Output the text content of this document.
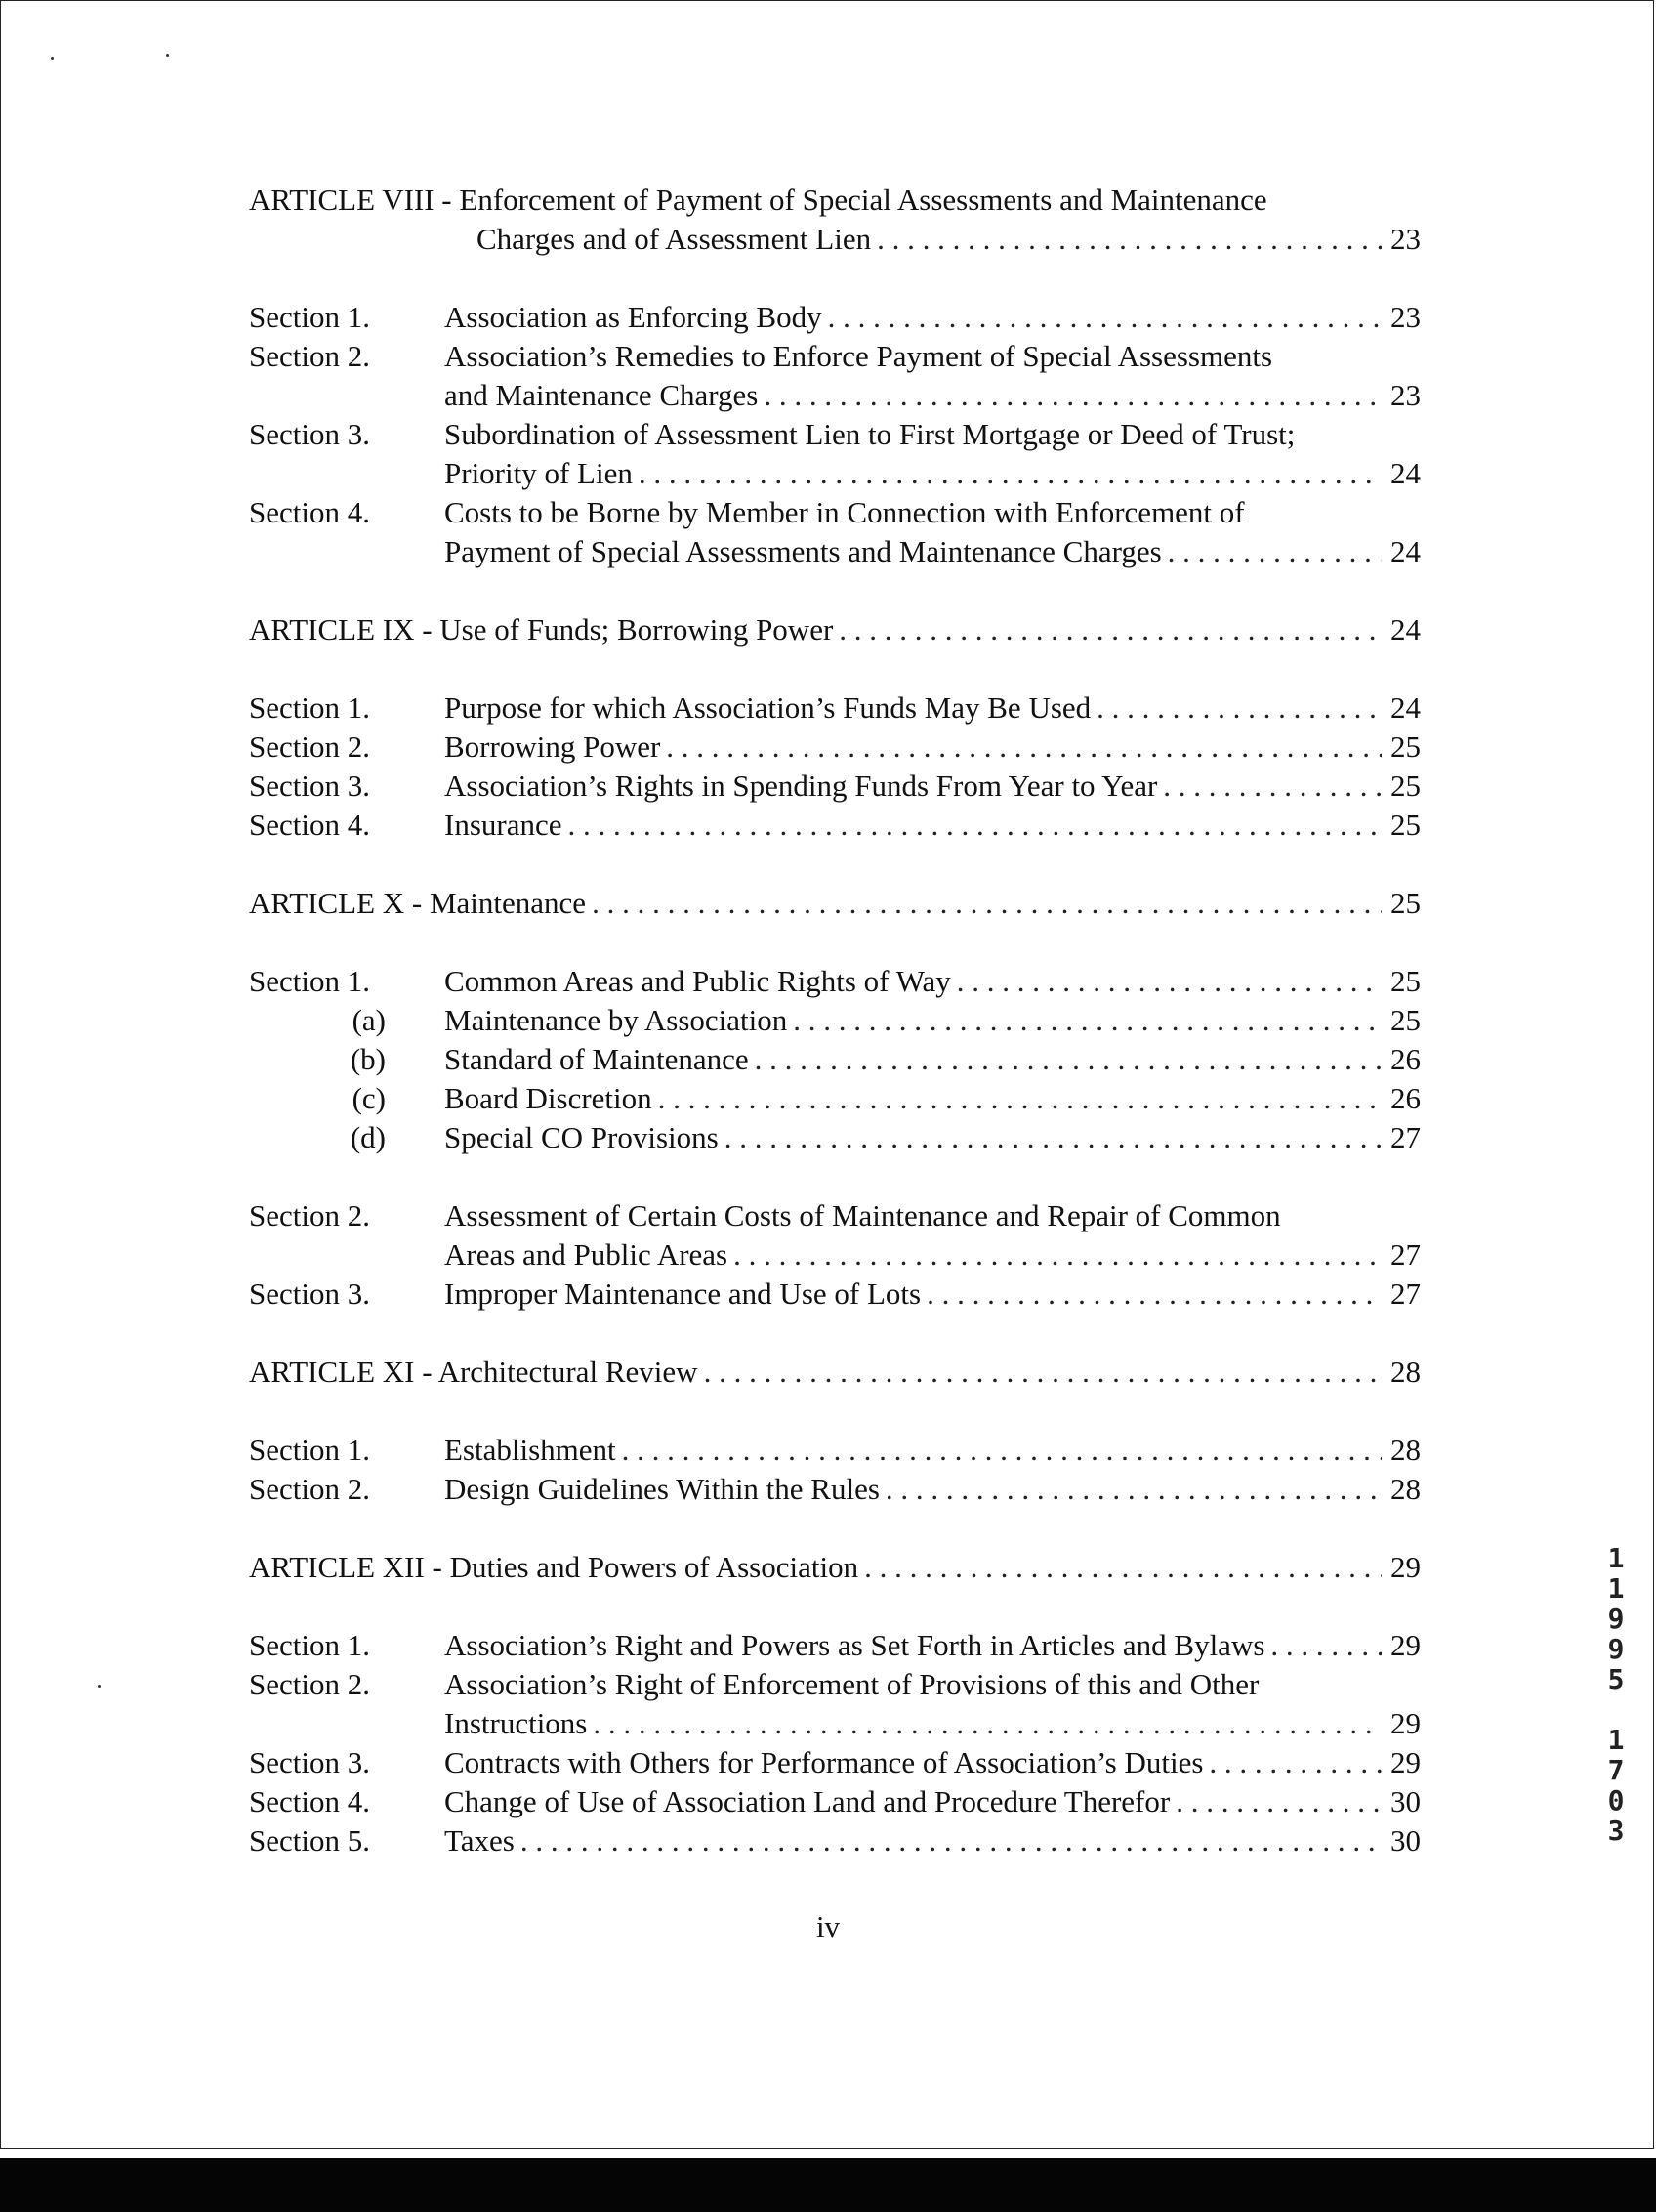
ARTICLE VIII - Enforcement of Payment of Special Assessments and Maintenance
Charges and of Assessment Lien . . .	23
Section 1.	Association as Enforcing Body . . .	23
Section 2.	Association’s Remedies to Enforce Payment of Special Assessments
and Maintenance Charges . . .	23
Section 3.	Subordination of Assessment Lien to First Mortgage or Deed of Trust;
Priority of Lien . . .	24
Section 4.	Costs to be Borne by Member in Connection with Enforcement of
Payment of Special Assessments and Maintenance Charges . . .	24
ARTICLE IX - Use of Funds; Borrowing Power . . .	24
Section 1.	Purpose for which Association’s Funds May Be Used . . .	24
Section 2.	Borrowing Power . . .	25
Section 3.	Association’s Rights in Spending Funds From Year to Year . . .	25
Section 4.	Insurance . . .	25
ARTICLE X - Maintenance . . .	25
Section 1.	Common Areas and Public Rights of Way . . .	25
(a)	Maintenance by Association . . .	25
(b)	Standard of Maintenance . . .	26
(c)	Board Discretion . . .	26
(d)	Special CO Provisions . . .	27
Section 2.	Assessment of Certain Costs of Maintenance and Repair of Common
Areas and Public Areas . . .	27
Section 3.	Improper Maintenance and Use of Lots . . .	27
ARTICLE XI - Architectural Review . . .	28
Section 1.	Establishment . . .	28
Section 2.	Design Guidelines Within the Rules . . .	28
ARTICLE XII - Duties and Powers of Association . . .	29
Section 1.	Association’s Right and Powers as Set Forth in Articles and Bylaws . . .	29
Section 2.	Association’s Right of Enforcement of Provisions of this and Other
Instructions . . .	29
Section 3.	Contracts with Others for Performance of Association’s Duties . . .	29
Section 4.	Change of Use of Association Land and Procedure Therefor . . .	30
Section 5.	Taxes . . .	30
iv
1
1
9
9
5
1
7
0
3
